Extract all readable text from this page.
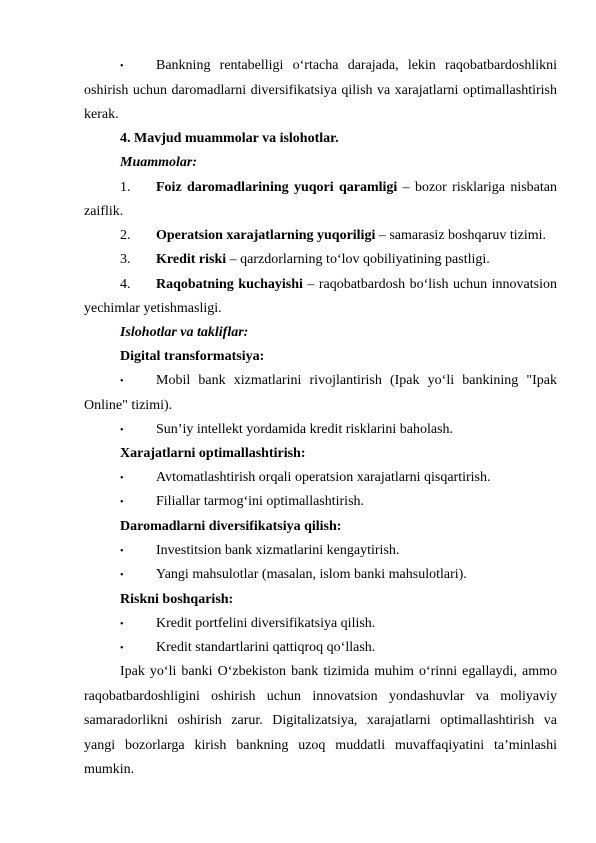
• Bankning rentabelligi o‘rtacha darajada, lekin raqobatbardoshlikni
oshirish uchun daromadlarni diversifikatsiya qilish va xarajatlarni optimallashtirish
kerak.
4. Mavjud muammolar va islohotlar.
Muammolar:
1. Foiz daromadlarining yuqori qaramligi – bozor risklariga nisbatan
zaiflik.
2. Operatsion xarajatlarning yuqoriligi – samarasiz boshqaruv tizimi.
3. Kredit riski – qarzdorlarning to‘lov qobiliyatining pastligi.
4. Raqobatning kuchayishi – raqobatbardosh bo‘lish uchun innovatsion
yechimlar yetishmasligi.
Islohotlar va takliflar:
Digital transformatsiya:
• Mobil bank xizmatlarini rivojlantirish (Ipak yo‘li bankining "Ipak
Online" tizimi).
• Sun’iy intellekt yordamida kredit risklarini baholash.
Xarajatlarni optimallashtirish:
• Avtomatlashtirish orqali operatsion xarajatlarni qisqartirish.
• Filiallar tarmog‘ini optimallashtirish.
Daromadlarni diversifikatsiya qilish:
• Investitsion bank xizmatlarini kengaytirish.
• Yangi mahsulotlar (masalan, islom banki mahsulotlari).
Riskni boshqarish:
• Kredit portfelini diversifikatsiya qilish.
• Kredit standartlarini qattiqroq qo‘llash.
Ipak yo‘li banki O‘zbekiston bank tizimida muhim o‘rinni egallaydi, ammo
raqobatbardoshligini oshirish uchun innovatsion yondashuvlar va moliyaviy
samaradorlikni oshirish zarur. Digitalizatsiya, xarajatlarni optimallashtirish va
yangi bozorlarga kirish bankning uzoq muddatli muvaffaqiyatini ta’minlashi
mumkin.
